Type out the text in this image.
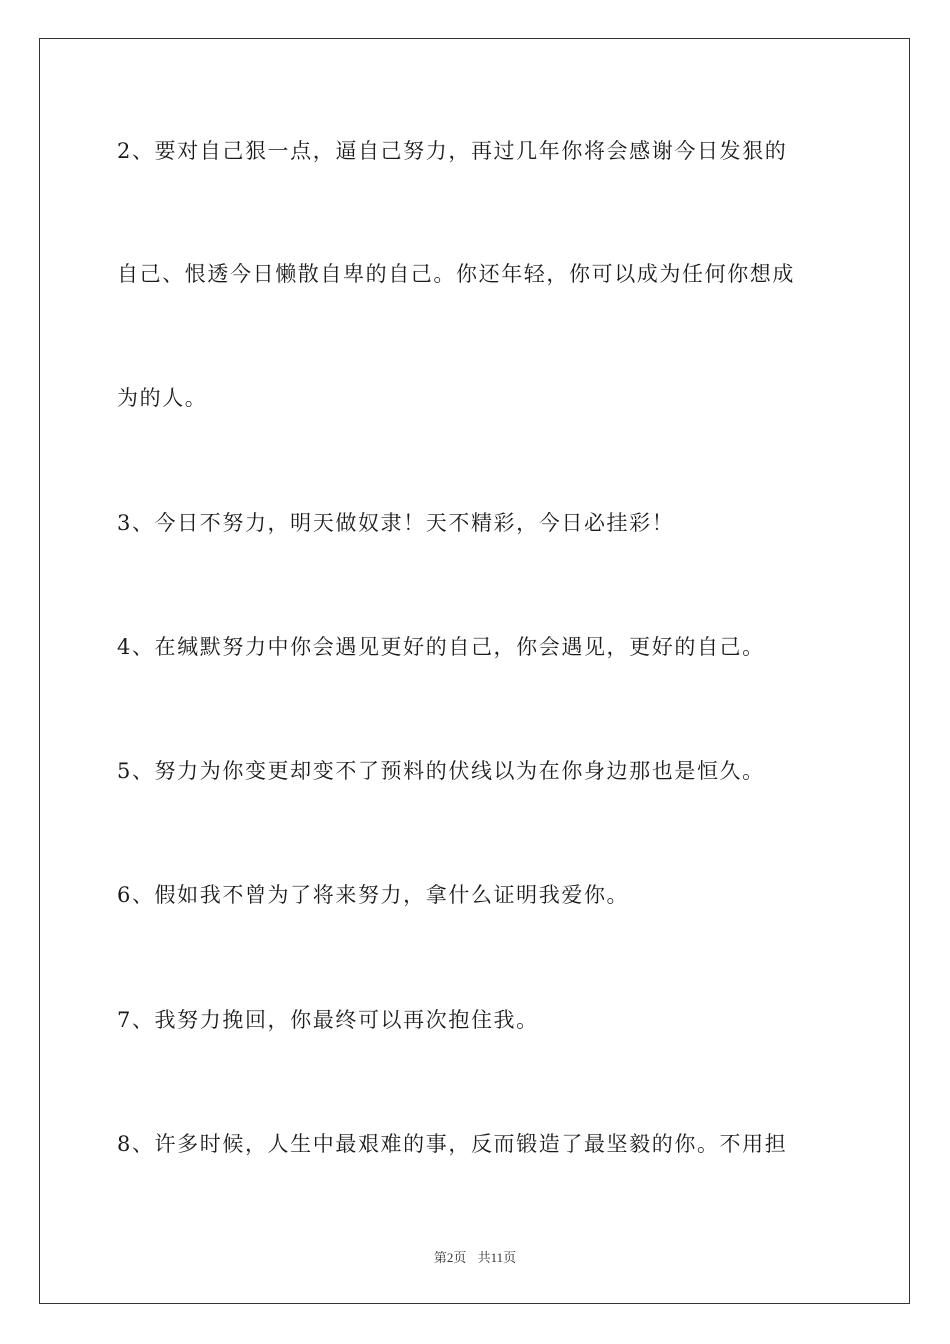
2、要对自己狠一点，逼自己努力，再过几年你将会感谢今日发狠的
自己、恨透今日懒散自卑的自己。你还年轻，你可以成为任何你想成
为的人。
3、今日不努力，明天做奴隶！天不精彩，今日必挂彩！
4、在缄默努力中你会遇见更好的自己，你会遇见，更好的自己。
5、努力为你变更却变不了预料的伏线以为在你身边那也是恒久。
6、假如我不曾为了将来努力，拿什么证明我爱你。
7、我努力挽回，你最终可以再次抱住我。
8、许多时候，人生中最艰难的事，反而锻造了最坚毅的你。不用担
第2页 共11页
